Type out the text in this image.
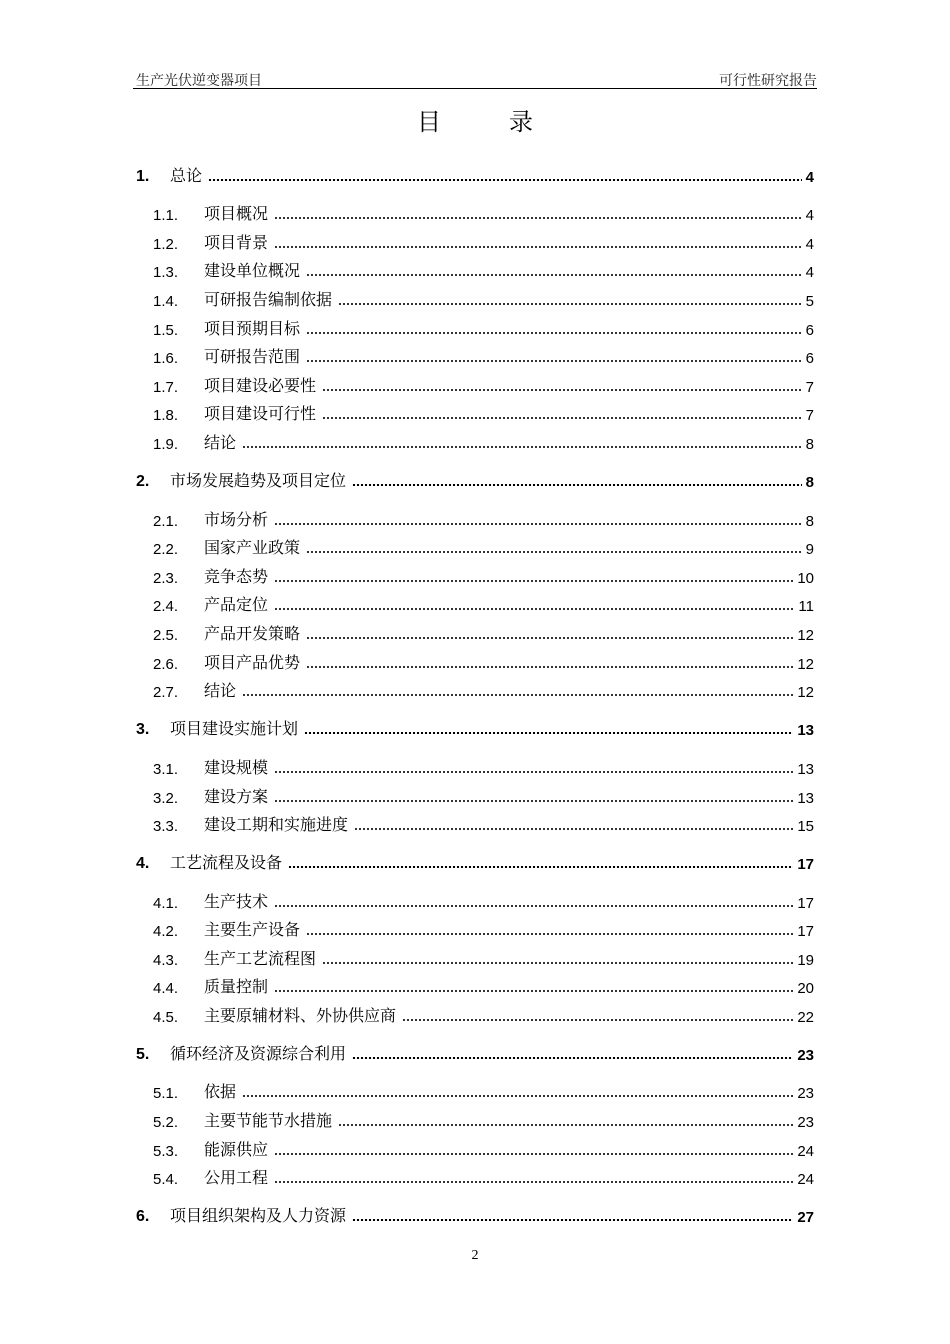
生产光伏逆变器项目	可行性研究报告
目录
1. 总论	4
1.1. 项目概况	4
1.2. 项目背景	4
1.3. 建设单位概况	4
1.4. 可研报告编制依据	5
1.5. 项目预期目标	6
1.6. 可研报告范围	6
1.7. 项目建设必要性	7
1.8. 项目建设可行性	7
1.9. 结论	8
2. 市场发展趋势及项目定位	8
2.1. 市场分析	8
2.2. 国家产业政策	9
2.3. 竞争态势	10
2.4. 产品定位	11
2.5. 产品开发策略	12
2.6. 项目产品优势	12
2.7. 结论	12
3. 项目建设实施计划	13
3.1. 建设规模	13
3.2. 建设方案	13
3.3. 建设工期和实施进度	15
4. 工艺流程及设备	17
4.1. 生产技术	17
4.2. 主要生产设备	17
4.3. 生产工艺流程图	19
4.4. 质量控制	20
4.5. 主要原辅材料、外协供应商	22
5. 循环经济及资源综合利用	23
5.1. 依据	23
5.2. 主要节能节水措施	23
5.3. 能源供应	24
5.4. 公用工程	24
6. 项目组织架构及人力资源	27
2
